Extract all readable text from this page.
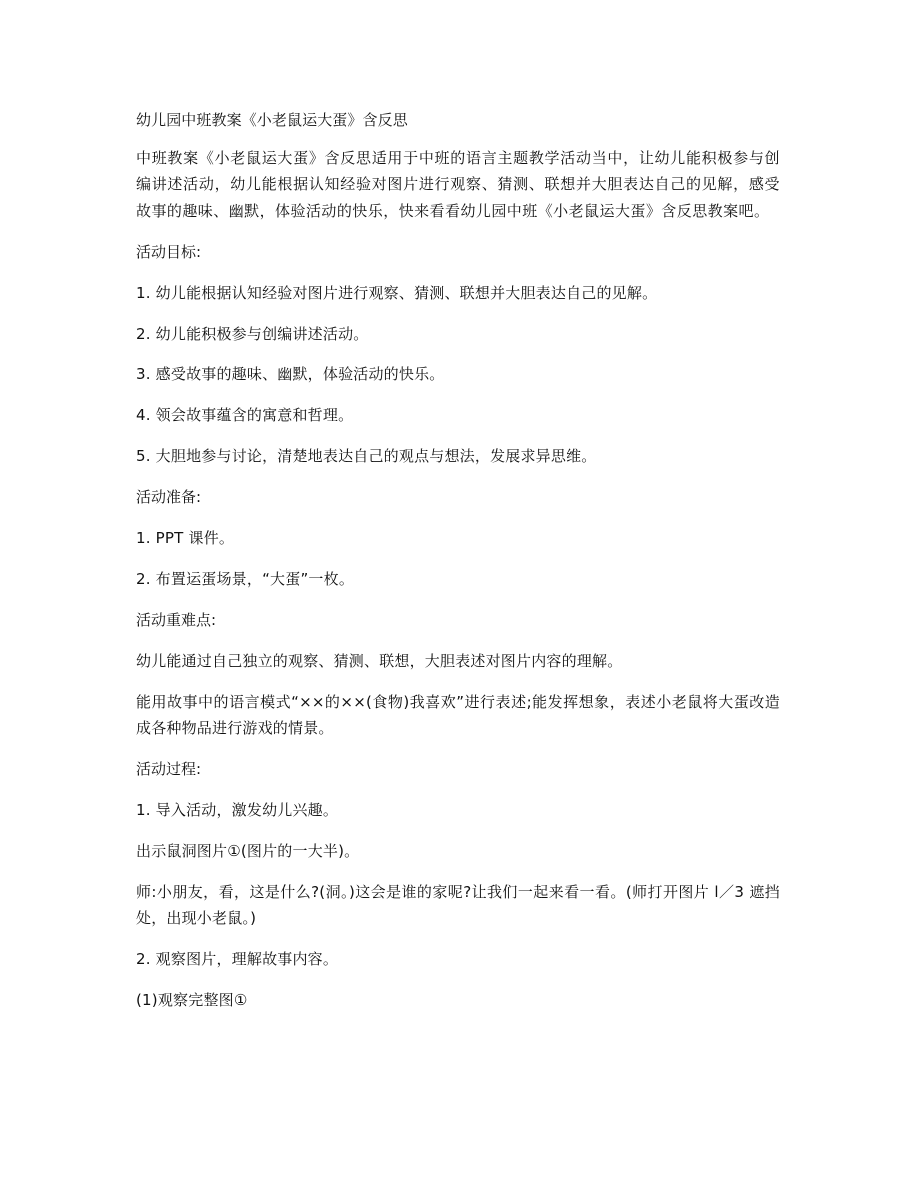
幼儿园中班教案《小老鼠运大蛋》含反思

中班教案《小老鼠运大蛋》含反思适用于中班的语言主题教学活动当中，让幼儿能积极参与创编讲述活动，幼儿能根据认知经验对图片进行观察、猜测、联想并大胆表达自己的见解，感受故事的趣味、幽默，体验活动的快乐，快来看看幼儿园中班《小老鼠运大蛋》含反思教案吧。

活动目标:

1. 幼儿能根据认知经验对图片进行观察、猜测、联想并大胆表达自己的见解。

2. 幼儿能积极参与创编讲述活动。

3. 感受故事的趣味、幽默，体验活动的快乐。

4. 领会故事蕴含的寓意和哲理。

5. 大胆地参与讨论，清楚地表达自己的观点与想法，发展求异思维。

活动准备:

1. PPT 课件。

2. 布置运蛋场景，“大蛋”一枚。

活动重难点:

幼儿能通过自己独立的观察、猜测、联想，大胆表述对图片内容的理解。

能用故事中的语言模式“××的××(食物)我喜欢”进行表述;能发挥想象，表述小老鼠将大蛋改造成各种物品进行游戏的情景。

活动过程:

1. 导入活动，激发幼儿兴趣。

出示鼠洞图片①(图片的一大半)。

师:小朋友，看，这是什么?(洞。)这会是谁的家呢?让我们一起来看一看。(师打开图片 l／3 遮挡处，出现小老鼠。)

2. 观察图片，理解故事内容。

(1)观察完整图①
